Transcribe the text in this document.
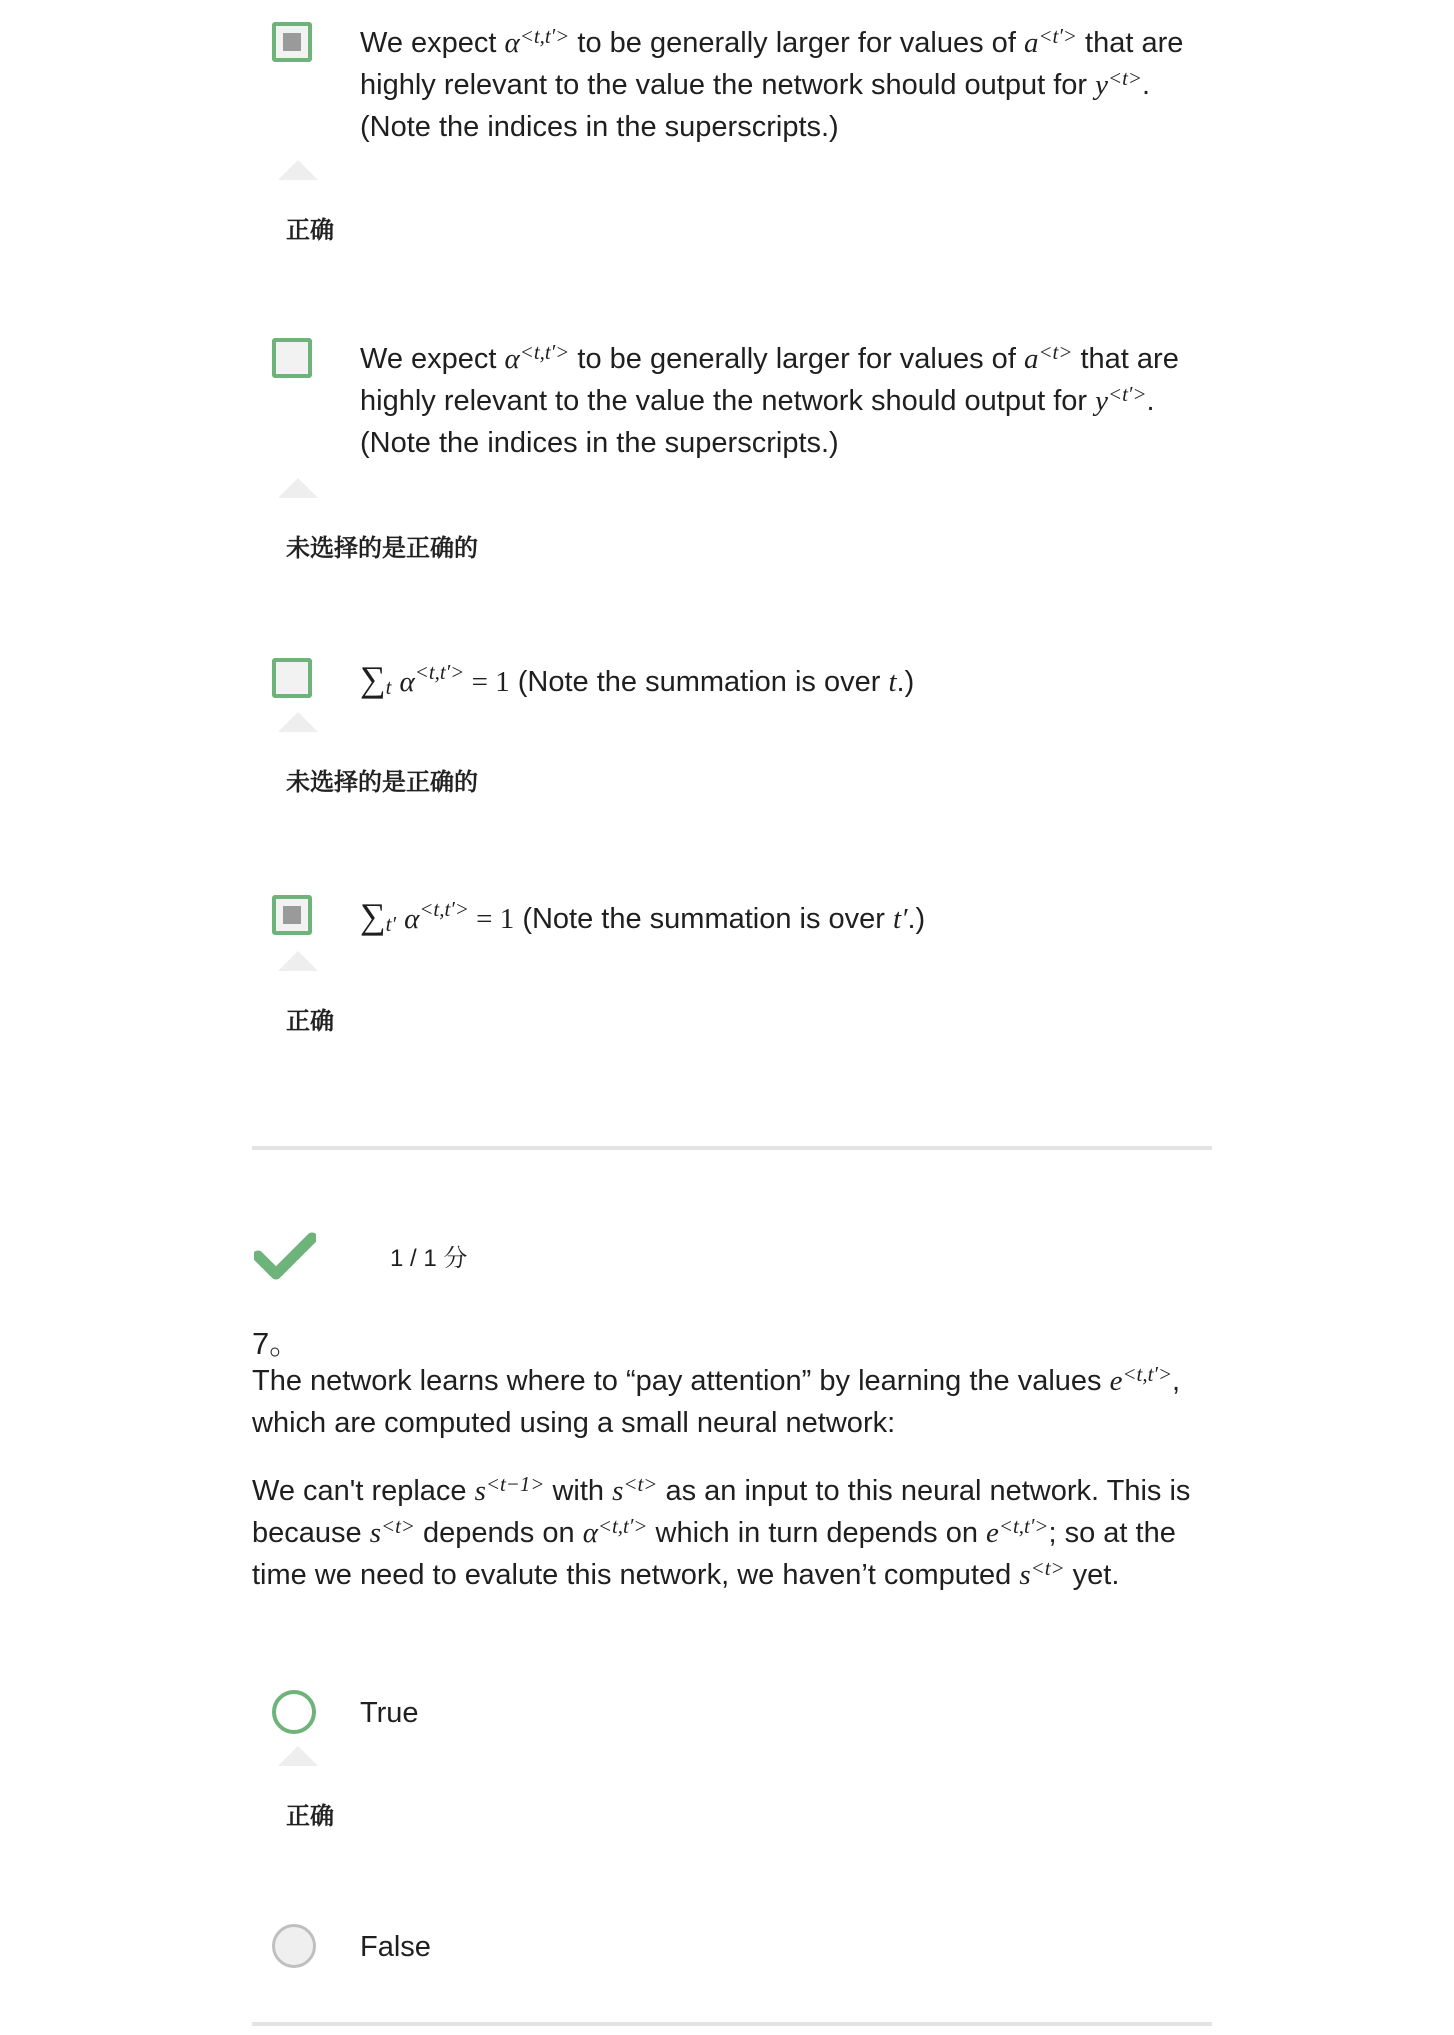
We expect $\alpha^{<t,t'>}$ to be generally larger for values of $a^{<t'>}$ that are highly relevant to the value the network should output for $y^{<t>}$. (Note the indices in the superscripts.)
正确
We expect $\alpha^{<t,t'>}$ to be generally larger for values of $a^{<t>}$ that are highly relevant to the value the network should output for $y^{<t'>}$. (Note the indices in the superscripts.)
未选择的是正确的
$\sum_t$ $\alpha^{<t,t'>} = 1$ (Note the summation is over t.)
未选择的是正确的
$\sum_{t'}$ $\alpha^{<t,t'>} = 1$ (Note the summation is over t′.)
正确
1 / 1 分
7。

The network learns where to “pay attention” by learning the values $e^{<t,t'>}$, which are computed using a small neural network:

We can't replace $s^{<t-1>}$ with $s^{<t>}$ as an input to this neural network. This is because $s^{<t>}$ depends on $\alpha^{<t,t'>}$ which in turn depends on $e^{<t,t'>}$; so at the time we need to evalute this network, we haven’t computed $s^{<t>}$ yet.

True
正确
False
